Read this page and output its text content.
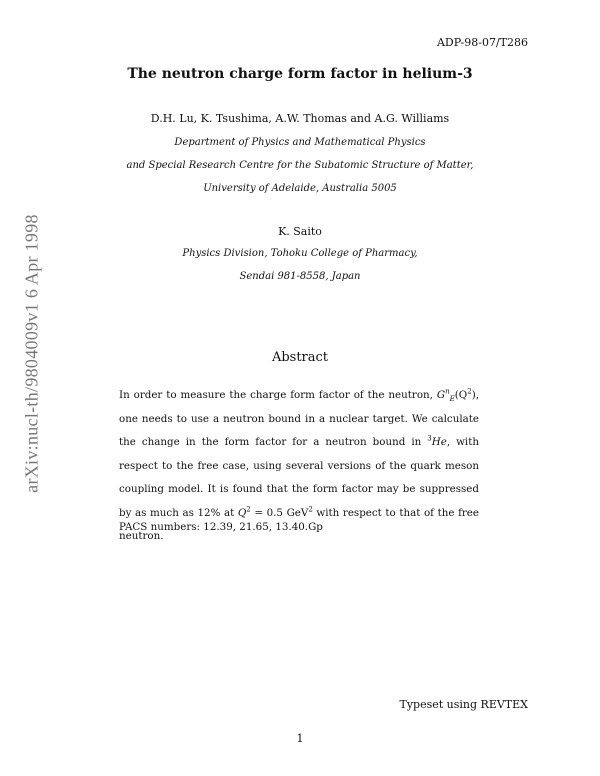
ADP-98-07/T286
The neutron charge form factor in helium-3
D.H. Lu, K. Tsushima, A.W. Thomas and A.G. Williams
Department of Physics and Mathematical Physics
and Special Research Centre for the Subatomic Structure of Matter,
University of Adelaide, Australia 5005
K. Saito
Physics Division, Tohoku College of Pharmacy,
Sendai 981-8558, Japan
Abstract
In order to measure the charge form factor of the neutron, $G^n_E(Q^2)$, one needs to use a neutron bound in a nuclear target. We calculate the change in the form factor for a neutron bound in $^3$He, with respect to the free case, using several versions of the quark meson coupling model. It is found that the form factor may be suppressed by as much as 12% at $Q^2 = 0.5$ GeV$^2$ with respect to that of the free neutron.
PACS numbers: 12.39, 21.65, 13.40.Gp
arXiv:nucl-th/9804009v1 6 Apr 1998
Typeset using REVTEX
1
